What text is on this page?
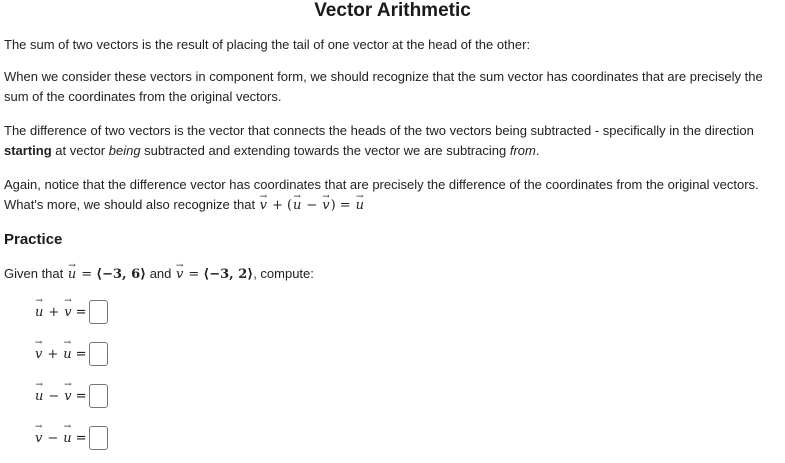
Vector Arithmetic

The sum of two vectors is the result of placing the tail of one vector at the head of the other:

When we consider these vectors in component form, we should recognize that the sum vector has coordinates that are precisely the sum of the coordinates from the original vectors.

The difference of two vectors is the vector that connects the heads of the two vectors being subtracted - specifically in the direction starting at vector being subtracted and extending towards the vector we are subtracing from.

Again, notice that the difference vector has coordinates that are precisely the difference of the coordinates from the original vectors. What's more, we should also recognize that → v + (→ u − → v) = → u

Practice
Given that → u = ⟨−3, 6⟩ and → v = ⟨−3, 2⟩, compute:
→ u + → v =
→ v + → u =
→ u − → v =
→ v − → u =
